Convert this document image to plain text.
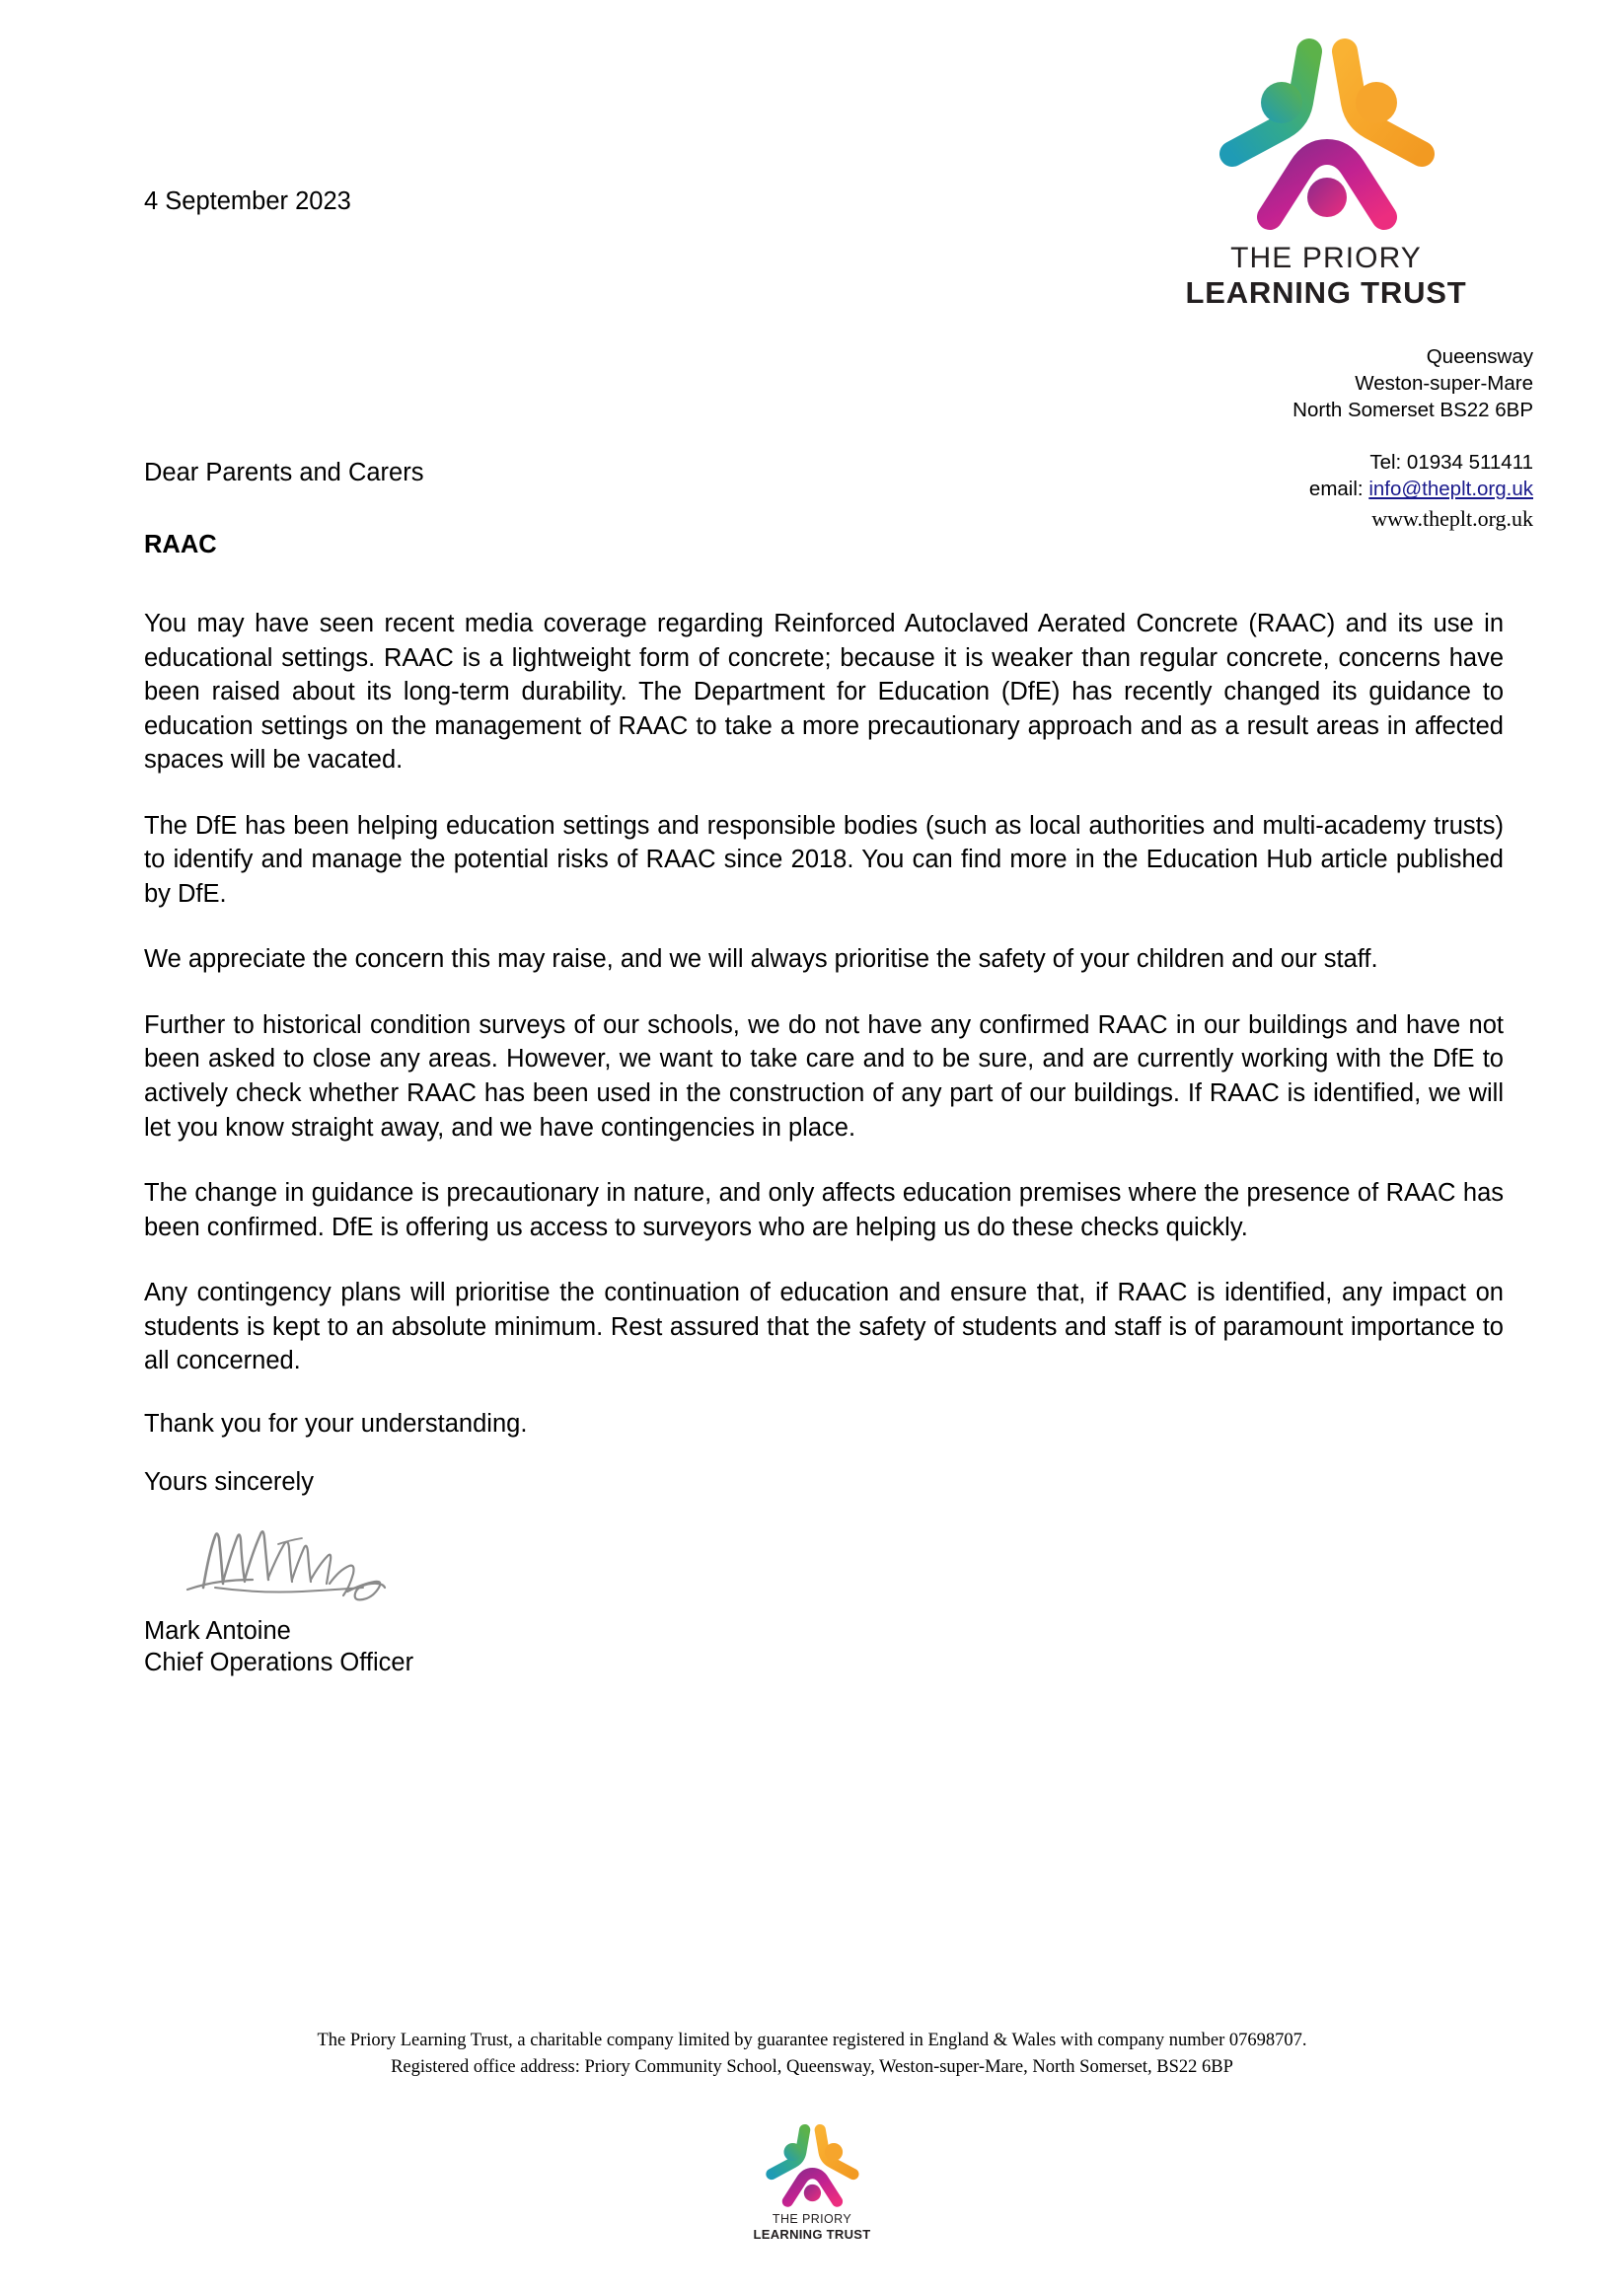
4 September 2023
THE PRIORY
LEARNING TRUST
Queensway
Weston-super-Mare
North Somerset BS22 6BP
Tel: 01934 511411
email: info@theplt.org.uk
www.theplt.org.uk
Dear Parents and Carers
RAAC

You may have seen recent media coverage regarding Reinforced Autoclaved Aerated Concrete (RAAC) and its use in educational settings. RAAC is a lightweight form of concrete; because it is weaker than regular concrete, concerns have been raised about its long-term durability. The Department for Education (DfE) has recently changed its guidance to education settings on the management of RAAC to take a more precautionary approach and as a result areas in affected spaces will be vacated.

The DfE has been helping education settings and responsible bodies (such as local authorities and multi-academy trusts) to identify and manage the potential risks of RAAC since 2018. You can find more in the Education Hub article published by DfE.

We appreciate the concern this may raise, and we will always prioritise the safety of your children and our staff.

Further to historical condition surveys of our schools, we do not have any confirmed RAAC in our buildings and have not been asked to close any areas. However, we want to take care and to be sure, and are currently working with the DfE to actively check whether RAAC has been used in the construction of any part of our buildings. If RAAC is identified, we will let you know straight away, and we have contingencies in place.

The change in guidance is precautionary in nature, and only affects education premises where the presence of RAAC has been confirmed. DfE is offering us access to surveyors who are helping us do these checks quickly.

Any contingency plans will prioritise the continuation of education and ensure that, if RAAC is identified, any impact on students is kept to an absolute minimum. Rest assured that the safety of students and staff is of paramount importance to all concerned.

Thank you for your understanding.
Yours sincerely
Mark Antoine
Chief Operations Officer
The Priory Learning Trust, a charitable company limited by guarantee registered in England & Wales with company number 07698707.
Registered office address: Priory Community School, Queensway, Weston-super-Mare, North Somerset, BS22 6BP
THE PRIORY
LEARNING TRUST
